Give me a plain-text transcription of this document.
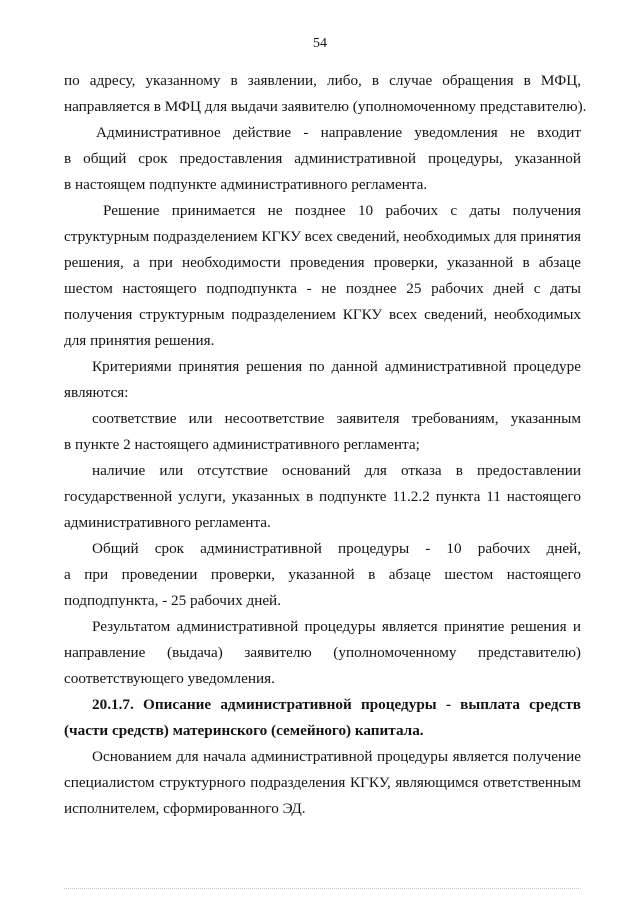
54
по адресу, указанному в заявлении, либо, в случае обращения в МФЦ,
направляется в МФЦ для выдачи заявителю (уполномоченному представителю).
Административное действие - направление уведомления не входит
в общий срок предоставления административной процедуры, указанной
в настоящем подпункте административного регламента.
Решение принимается не позднее 10 рабочих с даты получения
структурным подразделением КГКУ всех сведений, необходимых для принятия
решения, а при необходимости проведения проверки, указанной в абзаце
шестом настоящего подподпункта - не позднее 25 рабочих дней с даты
получения структурным подразделением КГКУ всех сведений, необходимых
для принятия решения.
Критериями принятия решения по данной административной процедуре
являются:
соответствие или несоответствие заявителя требованиям, указанным
в пункте 2 настоящего административного регламента;
наличие или отсутствие оснований для отказа в предоставлении
государственной услуги, указанных в подпункте 11.2.2 пункта 11 настоящего
административного регламента.
Общий срок административной процедуры - 10 рабочих дней,
а при проведении проверки, указанной в абзаце шестом настоящего
подподпункта, - 25 рабочих дней.
Результатом административной процедуры является принятие решения и
направление (выдача) заявителю (уполномоченному представителю)
соответствующего уведомления.
20.1.7. Описание административной процедуры - выплата средств
(части средств) материнского (семейного) капитала.
Основанием для начала административной процедуры является получение
специалистом структурного подразделения КГКУ, являющимся ответственным
исполнителем, сформированного ЭД.
